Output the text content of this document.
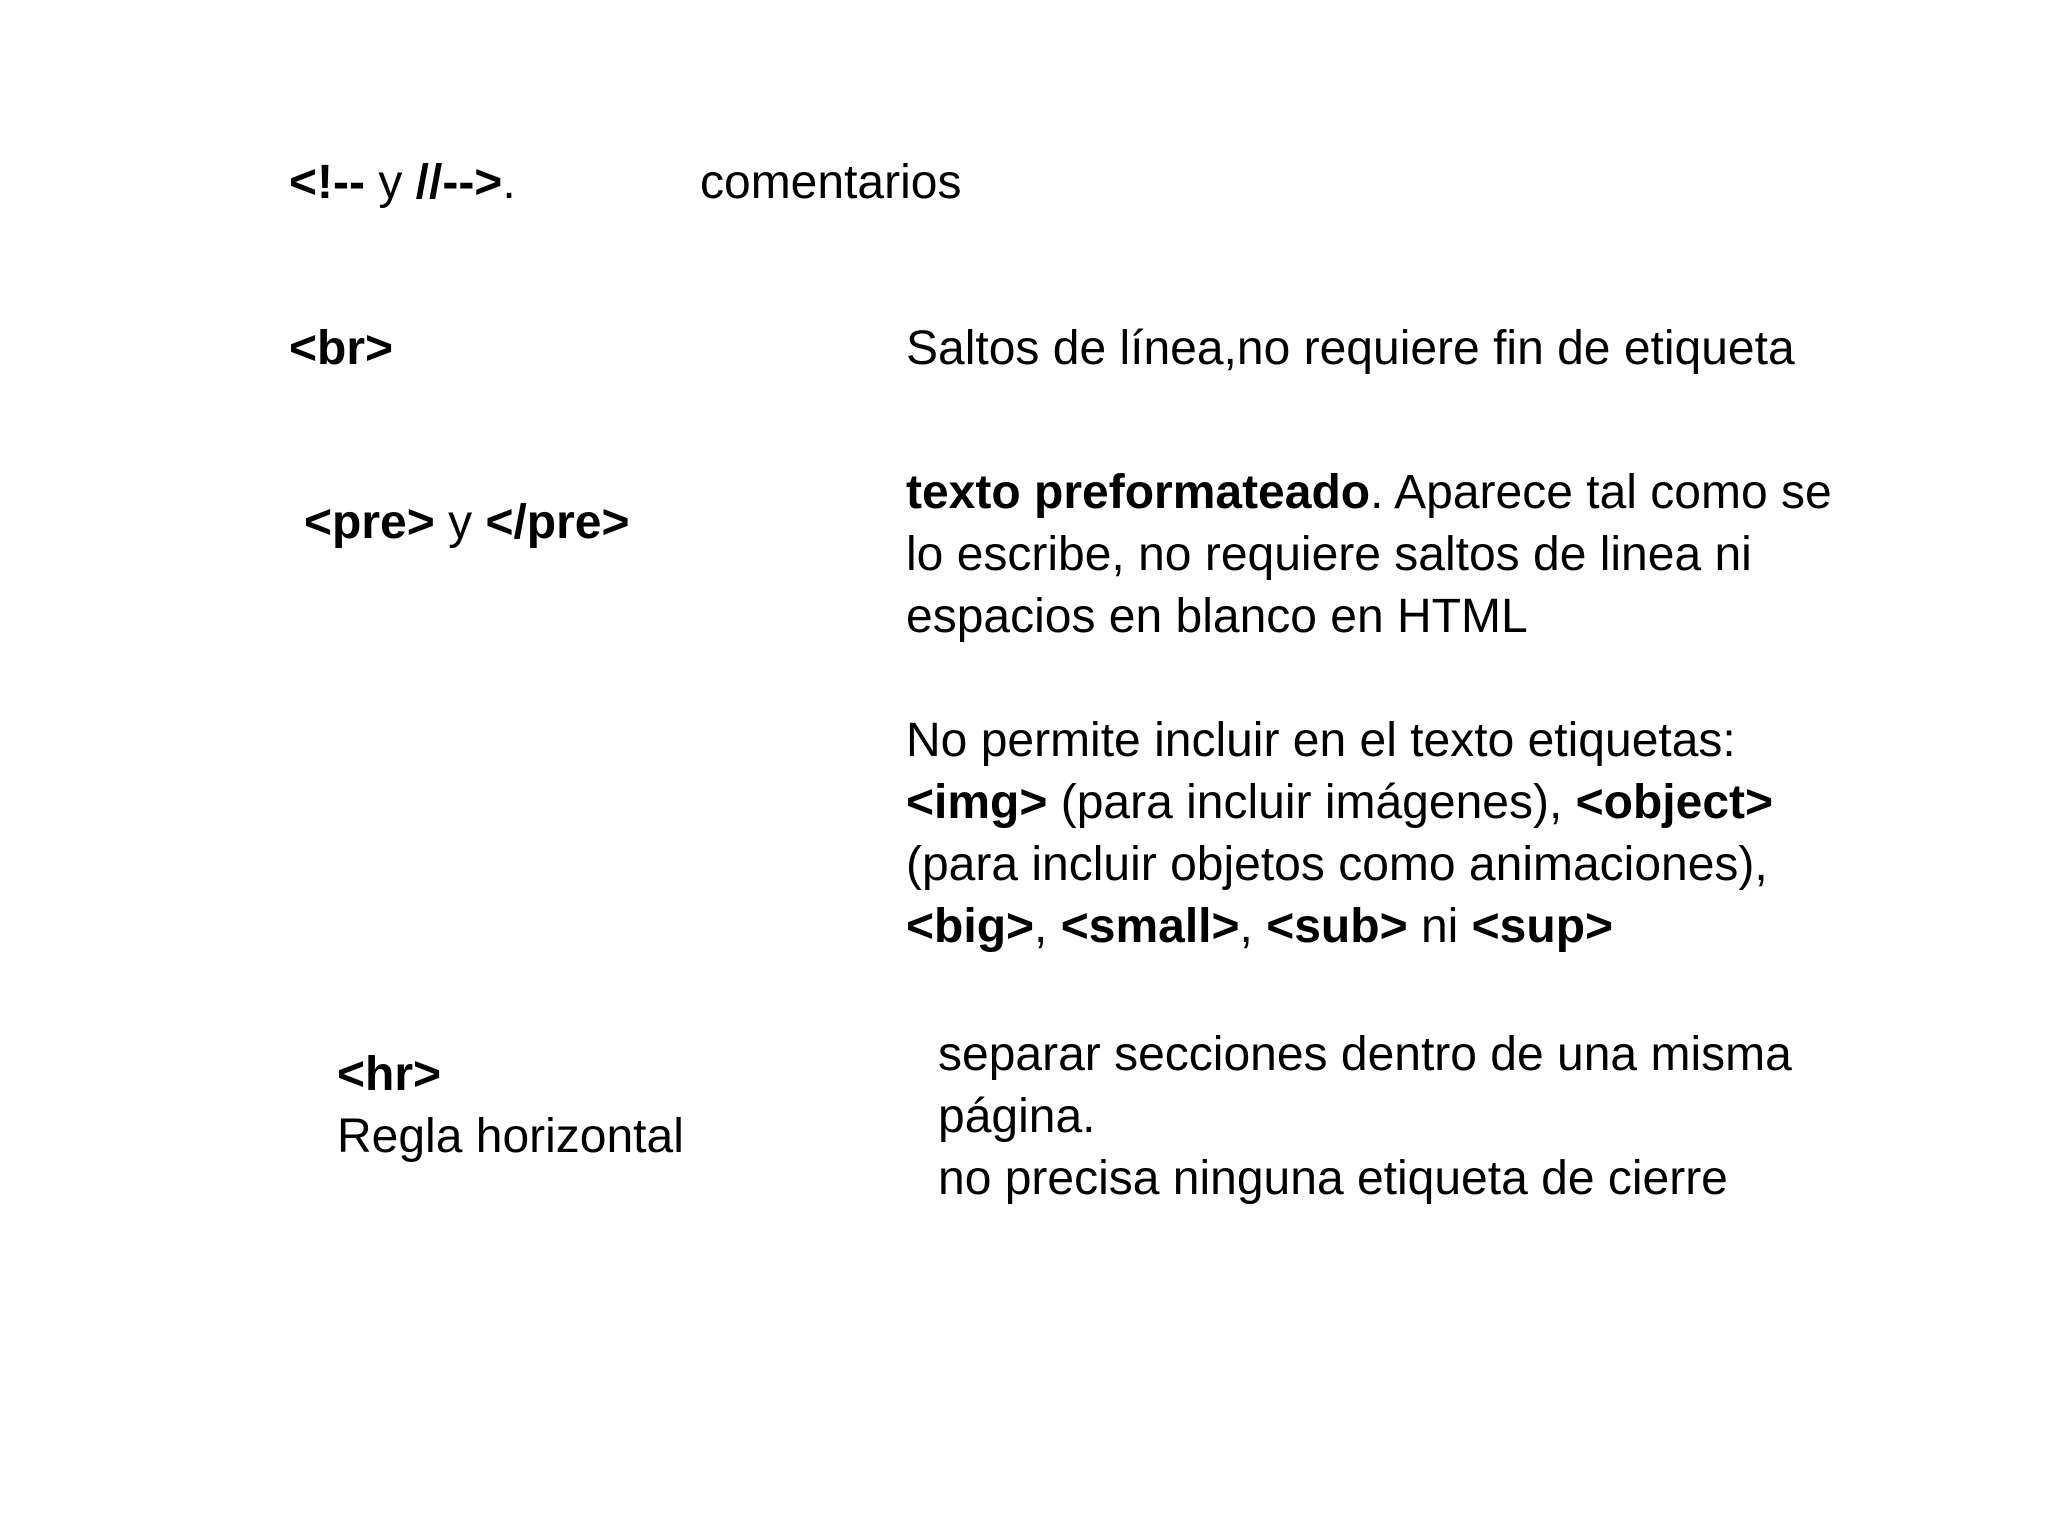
<!-- y //-->.	comentarios
<br>	Saltos de línea,no requiere fin de etiqueta
<pre> y </pre>
texto preformateado. Aparece tal como se
lo escribe, no requiere saltos de linea ni
espacios en blanco en HTML
No permite incluir en el texto etiquetas:
<img> (para incluir imágenes), <object>
(para incluir objetos como animaciones),
<big>, <small>, <sub> ni <sup>
<hr>
Regla horizontal
separar secciones dentro de una misma
página.
no precisa ninguna etiqueta de cierre
